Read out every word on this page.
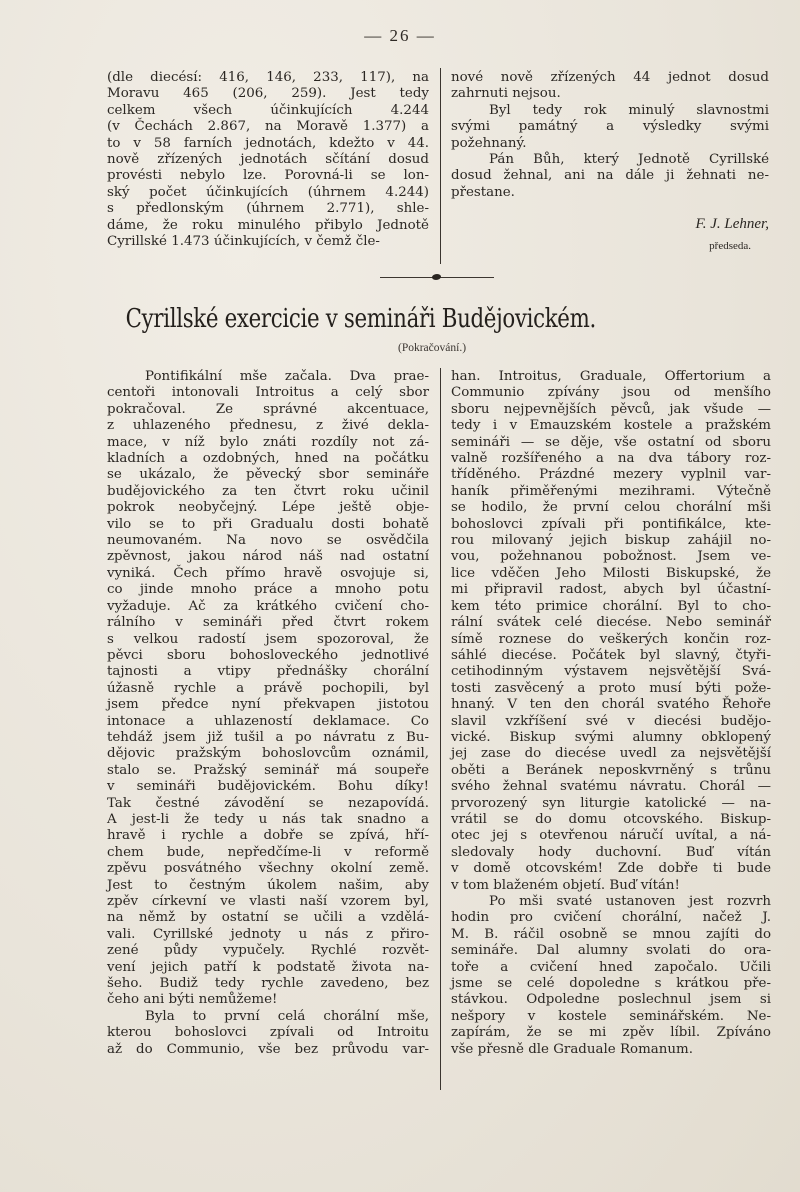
— 26 —
(dle diecésí: 416, 146, 233, 117), na
Moravu 465 (206, 259). Jest tedy
celkem všech účinkujících 4.244
(v Čechách 2.867, na Moravě 1.377) a
to v 58 farních jednotách, kdežto v 44.
nově zřízených jednotách sčítání dosud
provésti nebylo lze. Porovná-li se lon-
ský počet účinkujících (úhrnem 4.244)
s předlonským (úhrnem 2.771), shle-
dáme, že roku minulého přibylo Jednotě
Cyrillské 1.473 účinkujících, v čemž čle-
nové nově zřízených 44 jednot dosud
zahrnuti nejsou.
Byl tedy rok minulý slavnostmi
svými památný a výsledky svými
požehnaný.
Pán Bůh, který Jednotě Cyrillské
dosud žehnal, ani na dále ji žehnati ne-
přestane.
F. J. Lehner,
předseda.
Cyrillské exercicie v semináři Budějovickém.
(Pokračování.)
Pontifikální mše začala. Dva prae-
centoři intonovali Introitus a celý sbor
pokračoval. Ze správné akcentuace,
z uhlazeného přednesu, z živé dekla-
mace, v níž bylo znáti rozdíly not zá-
kladních a ozdobných, hned na počátku
se ukázalo, že pěvecký sbor semináře
budějovického za ten čtvrt roku učinil
pokrok neobyčejný. Lépe ještě obje-
vilo se to při Gradualu dosti bohatě
neumovaném. Na novo se osvědčila
zpěvnost, jakou národ náš nad ostatní
vyniká. Čech přímo hravě osvojuje si,
co jinde mnoho práce a mnoho potu
vyžaduje. Ač za krátkého cvičení cho-
rálního v semináři před čtvrt rokem
s velkou radostí jsem spozoroval, že
pěvci sboru bohosloveckého jednotlivé
tajnosti a vtipy přednášky chorální
úžasně rychle a právě pochopili, byl
jsem předce nyní překvapen jistotou
intonace a uhlazeností deklamace. Co
tehdáž jsem již tušil a po návratu z Bu-
dějovic pražským bohoslovcům oznámil,
stalo se. Pražský seminář má soupeře
v semináři budějovickém. Bohu díky!
Tak čestné závodění se nezapovídá.
A jest-li že tedy u nás tak snadno a
hravě i rychle a dobře se zpívá, hří-
chem bude, nepředčíme-li v reformě
zpěvu posvátného všechny okolní země.
Jest to čestným úkolem našim, aby
zpěv církevní ve vlasti naší vzorem byl,
na němž by ostatní se učili a vzdělá-
vali. Cyrillské jednoty u nás z přiro-
zené půdy vypučely. Rychlé rozvět-
vení jejich patří k podstatě života na-
šeho. Budiž tedy rychle zavedeno, bez
čeho ani býti nemůžeme!
Byla to první celá chorální mše,
kterou bohoslovci zpívali od Introitu
až do Communio, vše bez průvodu var-
han. Introitus, Graduale, Offertorium a
Communio zpívány jsou od menšího
sboru nejpevnějších pěvců, jak všude —
tedy i v Emauzském kostele a pražském
semináři — se děje, vše ostatní od sboru
valně rozšířeného a na dva tábory roz-
tříděného. Prázdné mezery vyplnil var-
haník přiměřenými mezihrami. Výtečně
se hodilo, že první celou chorální mši
bohoslovci zpívali při pontifikálce, kte-
rou milovaný jejich biskup zahájil no-
vou, požehnanou pobožnost. Jsem ve-
lice vděčen Jeho Milosti Biskupské, že
mi připravil radost, abych byl účastní-
kem této primice chorální. Byl to cho-
rální svátek celé diecése. Nebo seminář
símě roznese do veškerých končin roz-
sáhlé diecése. Počátek byl slavný, čtyři-
cetihodinným výstavem nejsvětější Svá-
tosti zasvěcený a proto musí býti pože-
hnaný. V ten den chorál svatého Řehoře
slavil vzkříšení své v diecési budějo-
vické. Biskup svými alumny obklopený
jej zase do diecése uvedl za nejsvětější
oběti a Beránek neposkvrněný s trůnu
svého žehnal svatému návratu. Chorál —
prvorozený syn liturgie katolické — na-
vrátil se do domu otcovského. Biskup-
otec jej s otevřenou náručí uvítal, a ná-
sledovaly hody duchovní. Buď vítán
v domě otcovském! Zde dobře ti bude
v tom blaženém objetí. Buď vítán!
Po mši svaté ustanoven jest rozvrh
hodin pro cvičení chorální, načež J.
M. B. ráčil osobně se mnou zajíti do
semináře. Dal alumny svolati do ora-
toře a cvičení hned započalo. Učili
jsme se celé dopoledne s krátkou pře-
stávkou. Odpoledne poslechnul jsem si
nešpory v kostele seminářském. Ne-
zapírám, že se mi zpěv líbil. Zpíváno
vše přesně dle Graduale Romanum.
